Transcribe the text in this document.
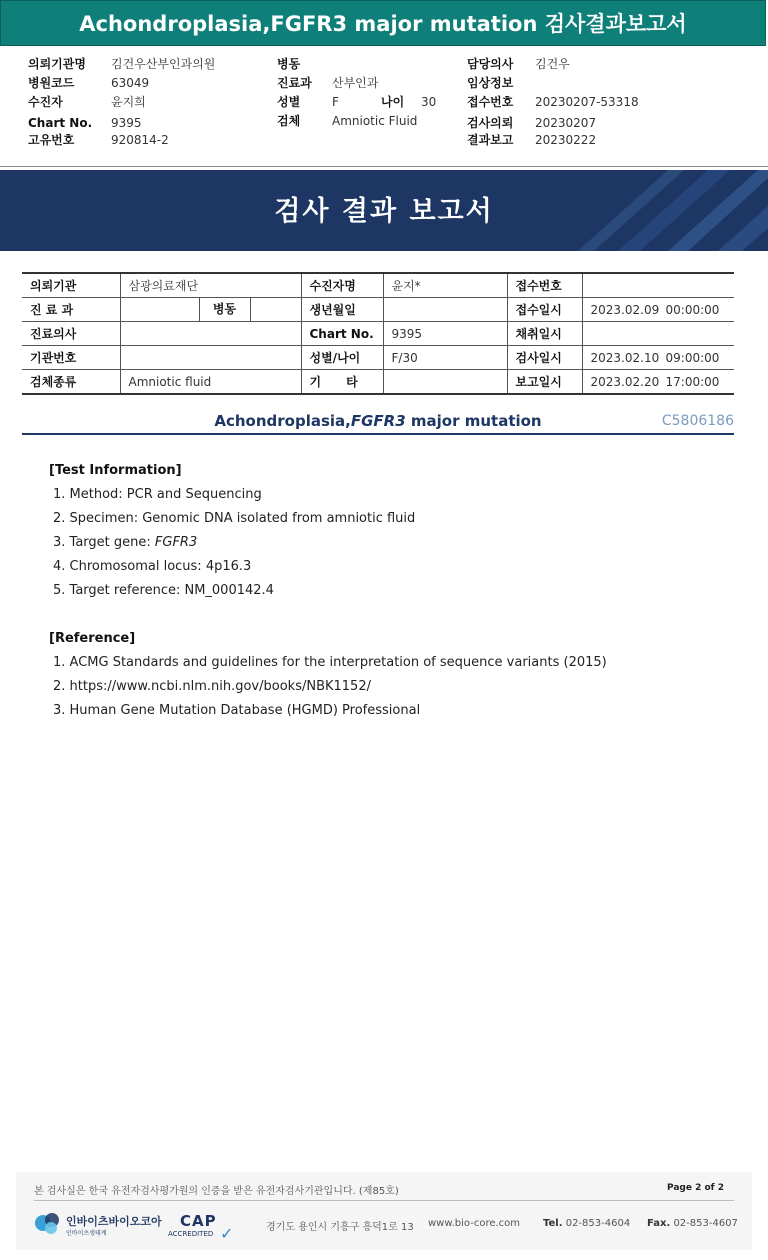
Achondroplasia,FGFR3 major mutation 검사결과보고서
의뢰기관명 김건우산부인과의원
병원코드	63049
수진자	윤지희
Chart No. 9395
고유번호	920814-2
병동
진료과 산부인과
성별	F	나이 30
검체	Amniotic Fluid
담당의사 김건우
임상정보
접수번호 20230207-53318
검사의뢰 20230207
결과보고 20230222
검사 결과 보고서
의뢰기관	삼광의료재단	수진자명	윤지*	접수번호	
진 료 과	병동	생년월일		접수일시	2023.02.09 00:00:00

진료의사		Chart No.	9395	채취일시	
기관번호		성별/나이	F/30	검사일시	2023.02.10 09:00:00

검체종류	Amniotic fluid	기      타		보고일시	2023.02.20 17:00:00
Achondroplasia,FGFR3 major mutation	C5806186
[Test Information]
1. Method: PCR and Sequencing
2. Specimen: Genomic DNA isolated from amniotic fluid
3. Target gene: FGFR3
4. Chromosomal locus: 4p16.3
5. Target reference: NM_000142.4
[Reference]
1. ACMG Standards and guidelines for the interpretation of sequence variants (2015)
2. https://www.ncbi.nlm.nih.gov/books/NBK1152/
3. Human Gene Mutation Database (HGMD) Professional
본 검사실은 한국 유전자검사평가원의 인증을 받은 유전자검사기관입니다. (제85호)	Page 2 of 2
인바이츠바이오코아
인바이츠생태계
CAP
ACCREDITED ✓	경기도 용인시 기흥구 흥덕1로 13 www.bio-core.com Tel. 02-853-4604 Fax. 02-853-4607
